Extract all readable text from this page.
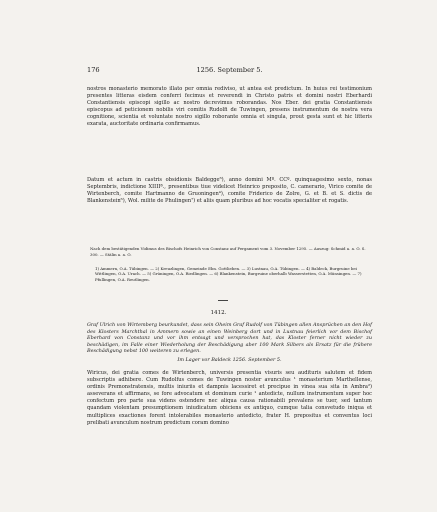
176	1256. September 5.

nostros monasterio memorato illato per omnia rediviso, ut antea est predictum. In huius rei testimonium presentes litteras eisdem conferri fecimus et reverendi in Christo patris et domini nostri Eberhardi Constantiensis episcopi sigillo ac nostro de:revimus roborandas. Nos Eber. dei gratia Constantiensis episcopus ad peticionem nobilis viri comitis Rudolfi de Tuwingen, presens instrumentum de nostra vera cognitione, scientia et voluntate nostro sigillo roborante omnia et singula, prout gesta sunt et hic litteris exarata, auctoritate ordinaria confirmamus.

Datum et actum in castris obsidionis Baldegge⁶), anno domini Mº. CCº. quinquagesimo sexto, nonas Septembris, indictione XIIIIª., presentibus tiue videlicet Heinrico preposito, C. camerario, Virico comite de Wirtenberch, comite Hartmanno de Gruoningen⁴), comite Friderico de Zolre, G. et B. et S. dictis de Blankenstein⁶), Wol. milite de Phulingen⁷) et aliis quam pluribus ad hoc vocatis specialiter et rogatis.

Nach dem bestätigenden Vidimus des Bischofs Heinrich von Constanz auf Pergament vom 3. November 1295. — Auszug: Schmid a. a. O. S. 300. — Stälin a. a. O.
1) Ammern, O.A. Tübingen. — 2) Kreuzlingen, Gemeinde Ebn. Gottlieben. — 3) Lustnau, O.A. Tübingen. — 4) Baldeck, Burgruine bei Wittlingen, O.A. Urach. — 5) Grüningen, O.A. Riedlingen. — 6) Blankenstein, Burgruine oberhalb Wasserstetten, O.A. Münsingen. — 7) Pfullingen, O.A. Reutlingen.
1412.
Graf Ulrich von Wirtemberg beurkundet, dass sein Oheim Graf Rudolf von Tübingen allen Ansprüchen an den Hof des Klosters Marchthal in Ammern sowie an einen Weinberg dort und in Lustnau feierlich vor dem Bischof Eberhard von Constanz und vor ihm entsagt und versprochen hat, das Kloster ferner nicht wieder zu beschädigen, im Falle einer Wiederholung der Beschädigung aber 100 Mark Silbers als Ersatz für die frühere Beschädigung nebst 100 weiteren zu erlegen.
Im Lager vor Baldeck 1256. September 5.

Wiricus, dei gratia comes de Wirtenberch, universis presentia visuris seu audituris salutem et fidem subscriptis adhibere. Cum Rudolfus comes de Tuwingen noster avunculus ¹ monasterium Marthellense, ordinis Premonstratensis, multis iniuriis et dampnis lacessiret et precipue in vinea sua sita in Ambra²) asseverans et affirmans, se fore advocatum et dominum curie ¹ antedicte, nullum instrumentum super hoc confectum pro parte sua videns ostendere nec aliqua causa rationabili prevalens se tuer, sed tantum quandam violentam presumptionem iniudicatum obiciens ex antiquo, cumque talia consvetudo iniqua et multiplices exactiones forent intolerabiles monasterio antedicto, frater H. prepositus et conventus loci prelibati avunculum nostrum predictum coram domino
